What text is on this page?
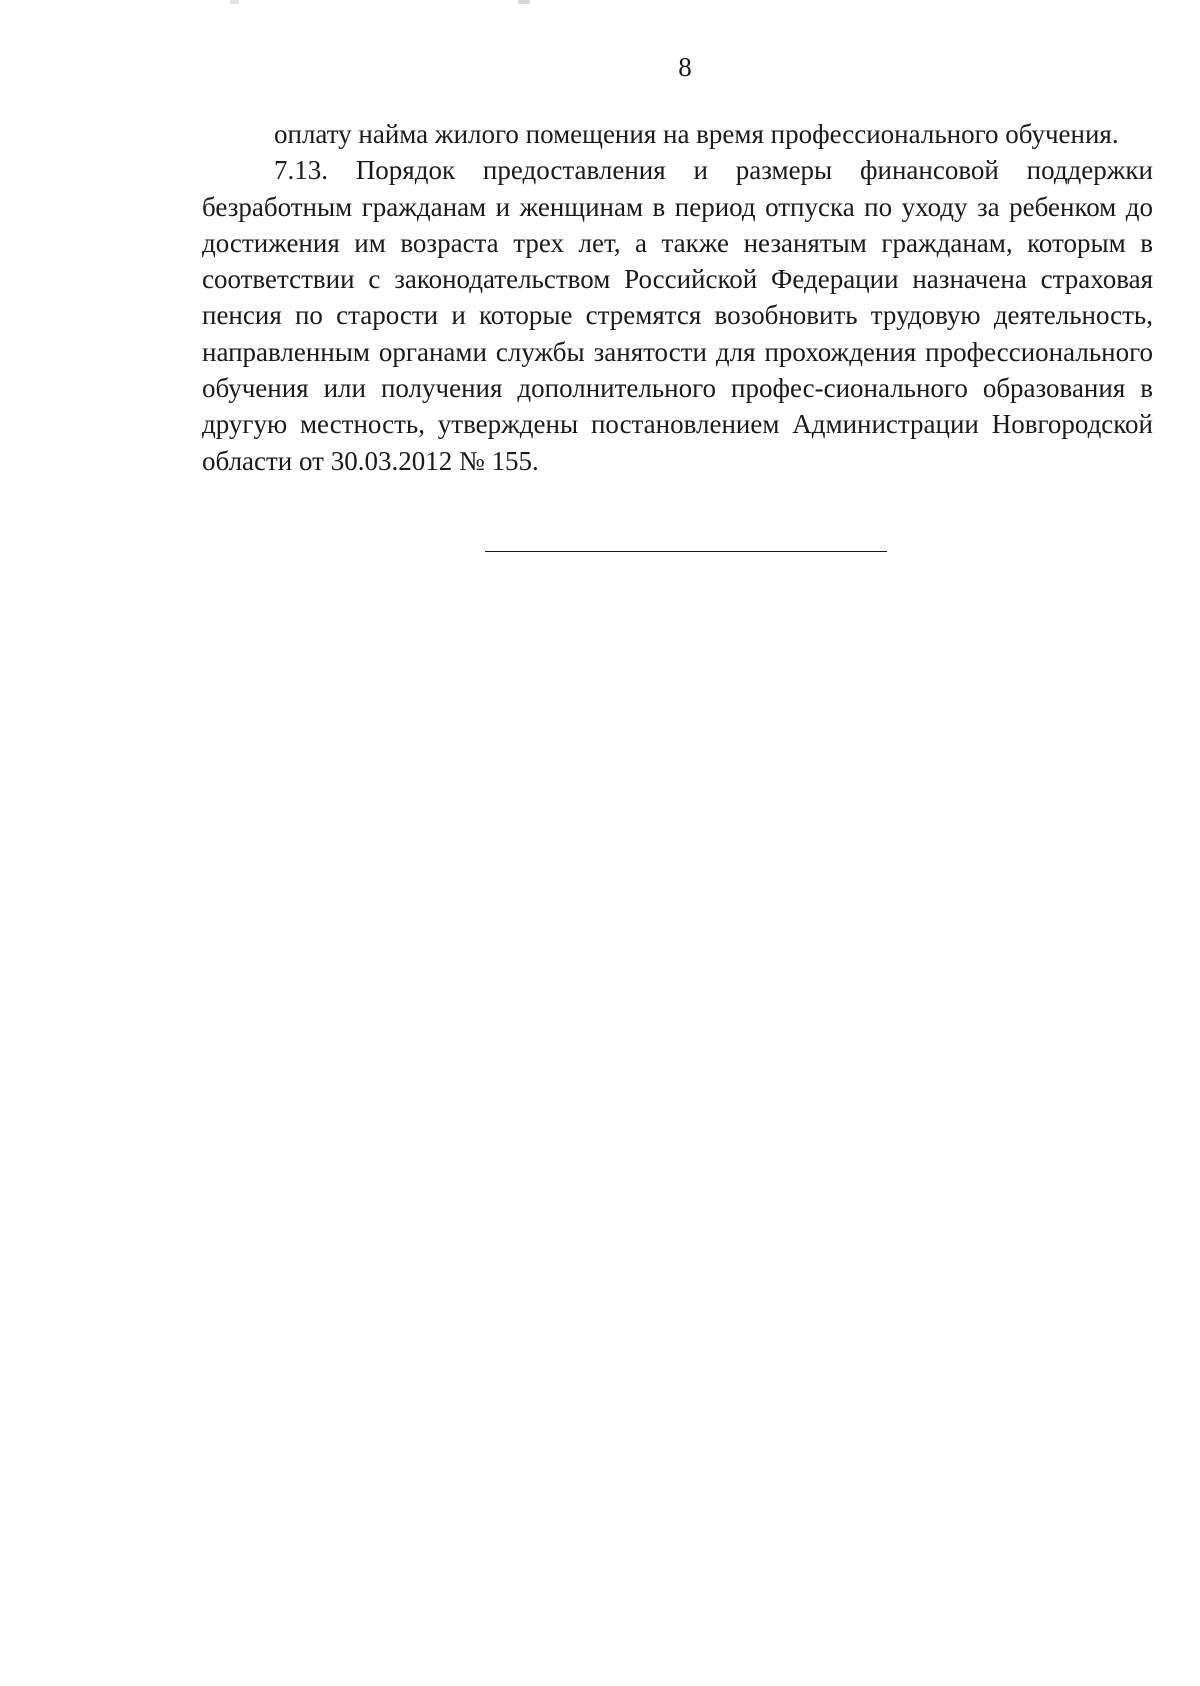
8

оплату найма жилого помещения на время профессионального обучения.

7.13. Порядок предоставления и размеры финансовой поддержки безработным гражданам и женщинам в период отпуска по уходу за ребенком до достижения им возраста трех лет, а также незанятым гражданам, которым в соответствии с законодательством Российской Федерации назначена страховая пенсия по старости и которые стремятся возобновить трудовую деятельность, направленным органами службы занятости для прохождения профессионального обучения или получения дополнительного профес-сионального образования в другую местность, утверждены постановлением Администрации Новгородской области от 30.03.2012 № 155.
